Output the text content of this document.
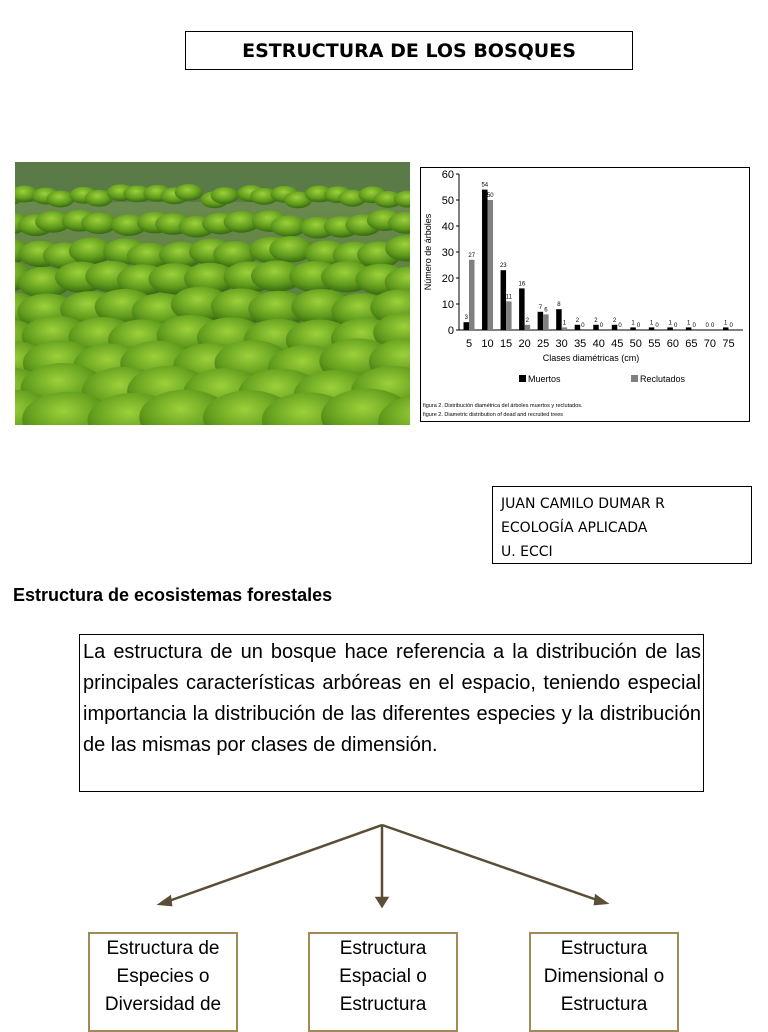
ESTRUCTURA DE LOS BOSQUES
0
10
20
30
40
50
60
Número de árboles
5
3
27
10
54
50
15
23
11
20
16
2
25
7 6
30
8
1
35
2
0
40
2
0
45
2
0
50
1 0
55
1 0
60
1 0
65
1 0
70
0 0
75
1 0
Clases diamétricas (cm)
Muertos	Reclutados
figura 2. Distribución diamétrica del árboles muertos y reclutados.
figure 2. Diametric distribution of dead and recruited trees
JUAN CAMILO DUMAR R
ECOLOGÍA APLICADA
U. ECCI
Estructura de ecosistemas forestales
La estructura de un bosque hace referencia a la distribución de las principales características arbóreas en el espacio, teniendo especial importancia la distribución de las diferentes especies y la distribución de las mismas por clases de dimensión.
Estructura de Especies o Diversidad de
Estructura Espacial o Estructura
Estructura Dimensional o Estructura
